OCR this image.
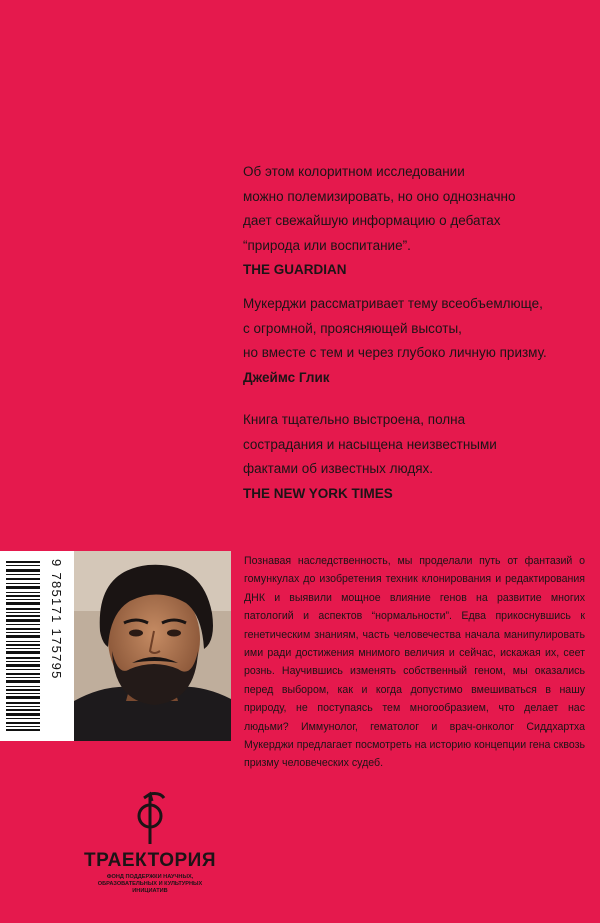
Об этом колоритном исследовании
можно полемизировать, но оно однозначно
дает свежайшую информацию о дебатах
“природа или воспитание”.
THE GUARDIAN
Мукерджи рассматривает тему всеобъемлюще,
с огромной, проясняющей высоты,
но вместе с тем и через глубоко личную призму.
Джеймс Глик
Книга тщательно выстроена, полна
сострадания и насыщена неизвестными
фактами об известных людях.
THE NEW YORK TIMES
9 785171 175795	Познавая наследственность, мы проделали путь от фантазий о гомункулах до изобретения техник клонирования и редактирования ДНК и выявили мощное влияние генов на развитие многих патологий и аспектов “нормальности”. Едва прикоснувшись к генетическим знаниям, часть человечества начала манипулировать ими ради достижения мнимого величия и сейчас, искажая их, сеет рознь. Научившись изменять собственный геном, мы оказались перед выбором, как и когда допустимо вмешиваться в нашу природу, не поступаясь тем многообразием, что делает нас людьми? Иммунолог, гематолог и врач-онколог Сиддхартха Мукерджи предлагает посмотреть на историю концепции гена сквозь призму человеческих судеб.

ТРАЕКТОРИЯ
ФОНД ПОДДЕРЖКИ НАУЧНЫХ, ОБРАЗОВАТЕЛЬНЫХ И КУЛЬТУРНЫХ ИНИЦИАТИВ
